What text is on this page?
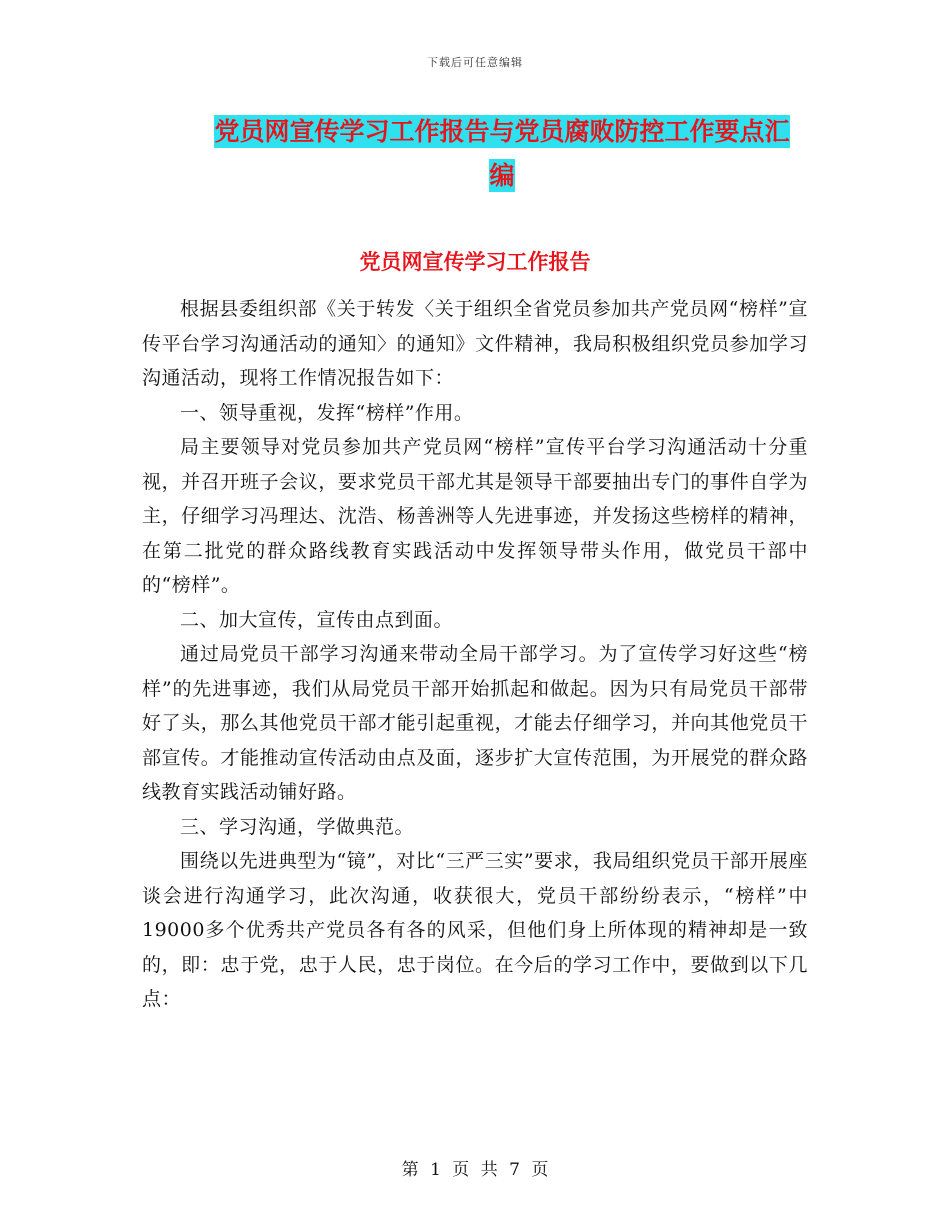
下载后可任意编辑
党员网宣传学习工作报告与党员腐败防控工作要点汇
编
党员网宣传学习工作报告

根据县委组织部《关于转发〈关于组织全省党员参加共产党员网“榜样”宣传平台学习沟通活动的通知〉的通知》文件精神，我局积极组织党员参加学习沟通活动，现将工作情况报告如下：

一、领导重视，发挥“榜样”作用。

局主要领导对党员参加共产党员网“榜样”宣传平台学习沟通活动十分重视，并召开班子会议，要求党员干部尤其是领导干部要抽出专门的事件自学为主，仔细学习冯理达、沈浩、杨善洲等人先进事迹，并发扬这些榜样的精神，在第二批党的群众路线教育实践活动中发挥领导带头作用，做党员干部中的“榜样”。

二、加大宣传，宣传由点到面。

通过局党员干部学习沟通来带动全局干部学习。为了宣传学习好这些“榜样”的先进事迹，我们从局党员干部开始抓起和做起。因为只有局党员干部带好了头，那么其他党员干部才能引起重视，才能去仔细学习，并向其他党员干部宣传。才能推动宣传活动由点及面，逐步扩大宣传范围，为开展党的群众路线教育实践活动铺好路。

三、学习沟通，学做典范。

围绕以先进典型为“镜”，对比“三严三实”要求，我局组织党员干部开展座谈会进行沟通学习，此次沟通，收获很大，党员干部纷纷表示，“榜样”中19000多个优秀共产党员各有各的风采，但他们身上所体现的精神却是一致的，即：忠于党，忠于人民，忠于岗位。在今后的学习工作中，要做到以下几点：

第 1 页 共 7 页
